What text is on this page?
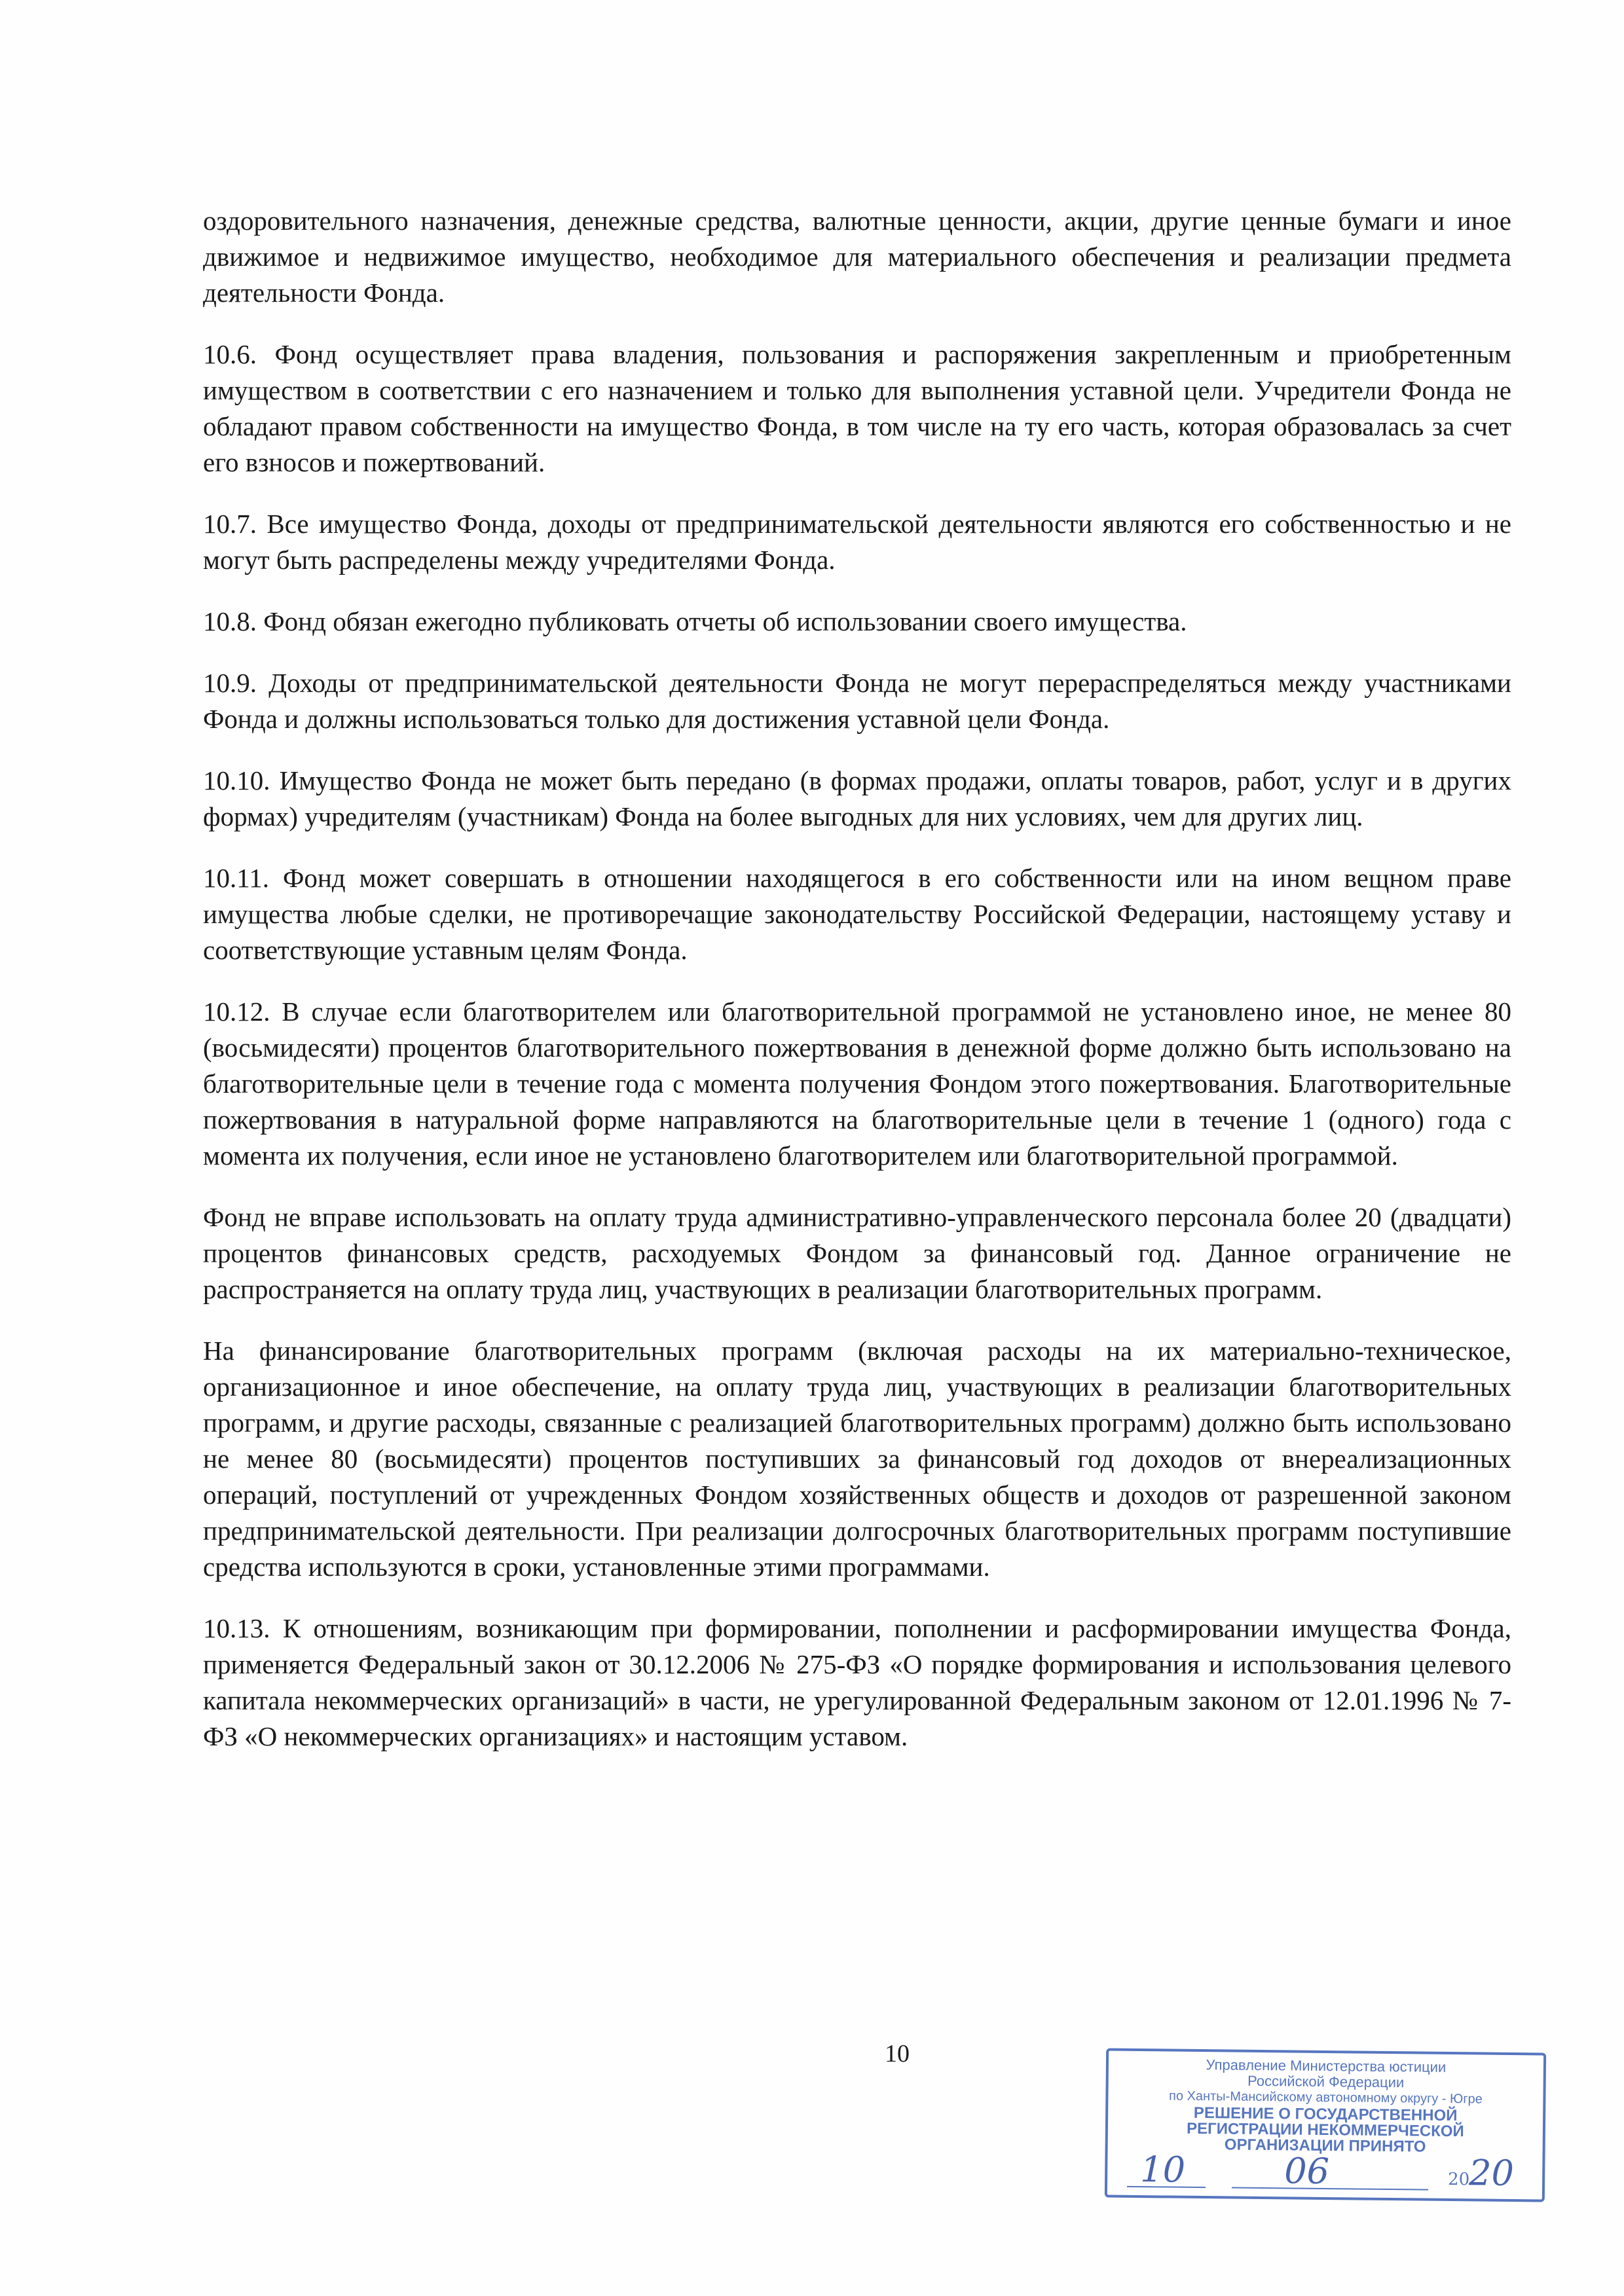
оздоровительного назначения, денежные средства, валютные ценности, акции, другие ценные бумаги и иное движимое и недвижимое имущество, необходимое для материального обеспечения и реализации предмета деятельности Фонда.

10.6. Фонд осуществляет права владения, пользования и распоряжения закрепленным и приобретенным имуществом в соответствии с его назначением и только для выполнения уставной цели. Учредители Фонда не обладают правом собственности на имущество Фонда, в том числе на ту его часть, которая образовалась за счет его взносов и пожертвований.

10.7. Все имущество Фонда, доходы от предпринимательской деятельности являются его собственностью и не могут быть распределены между учредителями Фонда.

10.8. Фонд обязан ежегодно публиковать отчеты об использовании своего имущества.

10.9. Доходы от предпринимательской деятельности Фонда не могут перераспределяться между участниками Фонда и должны использоваться только для достижения уставной цели Фонда.

10.10. Имущество Фонда не может быть передано (в формах продажи, оплаты товаров, работ, услуг и в других формах) учредителям (участникам) Фонда на более выгодных для них условиях, чем для других лиц.

10.11. Фонд может совершать в отношении находящегося в его собственности или на ином вещном праве имущества любые сделки, не противоречащие законодательству Российской Федерации, настоящему уставу и соответствующие уставным целям Фонда.

10.12. В случае если благотворителем или благотворительной программой не установлено иное, не менее 80 (восьмидесяти) процентов благотворительного пожертвования в денежной форме должно быть использовано на благотворительные цели в течение года с момента получения Фондом этого пожертвования. Благотворительные пожертвования в натуральной форме направляются на благотворительные цели в течение 1 (одного) года с момента их получения, если иное не установлено благотворителем или благотворительной программой.

Фонд не вправе использовать на оплату труда административно-управленческого персонала более 20 (двадцати) процентов финансовых средств, расходуемых Фондом за финансовый год. Данное ограничение не распространяется на оплату труда лиц, участвующих в реализации благотворительных программ.

На финансирование благотворительных программ (включая расходы на их материально-техническое, организационное и иное обеспечение, на оплату труда лиц, участвующих в реализации благотворительных программ, и другие расходы, связанные с реализацией благотворительных программ) должно быть использовано не менее 80 (восьмидесяти) процентов поступивших за финансовый год доходов от внереализационных операций, поступлений от учрежденных Фондом хозяйственных обществ и доходов от разрешенной законом предпринимательской деятельности. При реализации долгосрочных благотворительных программ поступившие средства используются в сроки, установленные этими программами.

10.13. К отношениям, возникающим при формировании, пополнении и расформировании имущества Фонда, применяется Федеральный закон от 30.12.2006 № 275-ФЗ «О порядке формирования и использования целевого капитала некоммерческих организаций» в части, не урегулированной Федеральным законом от 12.01.1996 № 7-ФЗ «О некоммерческих организациях» и настоящим уставом.

10	Управление Министерства юстиции
Российской Федерации
по Ханты-Мансийскому автономному округу - Югре
РЕШЕНИЕ О ГОСУДАРСТВЕННОЙ
РЕГИСТРАЦИИ НЕКОММЕРЧЕСКОЙ
ОРГАНИЗАЦИИ ПРИНЯТО
10	06	20
20
